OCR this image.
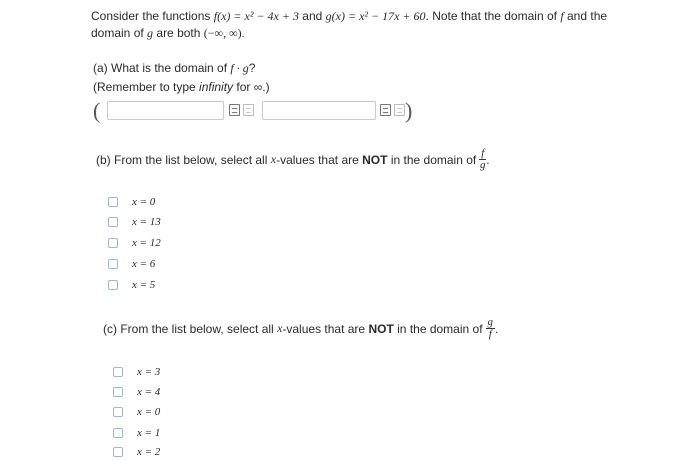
Consider the functions f(x) = x² − 4x + 3 and g(x) = x² − 17x + 60. Note that the domain of f and the
domain of g are both (−∞, ∞).
(a) What is the domain of f · g?
(Remember to type infinity for ∞.)
(	)
(b) From the list below, select all
x -values that are
NOT
in the domain of $\frac{f}{g}$ .
x = 0
x = 13
x = 12
x = 6
x = 5
(c) From the list below, select all
x -values that are
NOT
in the domain of $\frac{g}{f}$ .
x = 3
x = 4
x = 0
x = 1
x = 2
